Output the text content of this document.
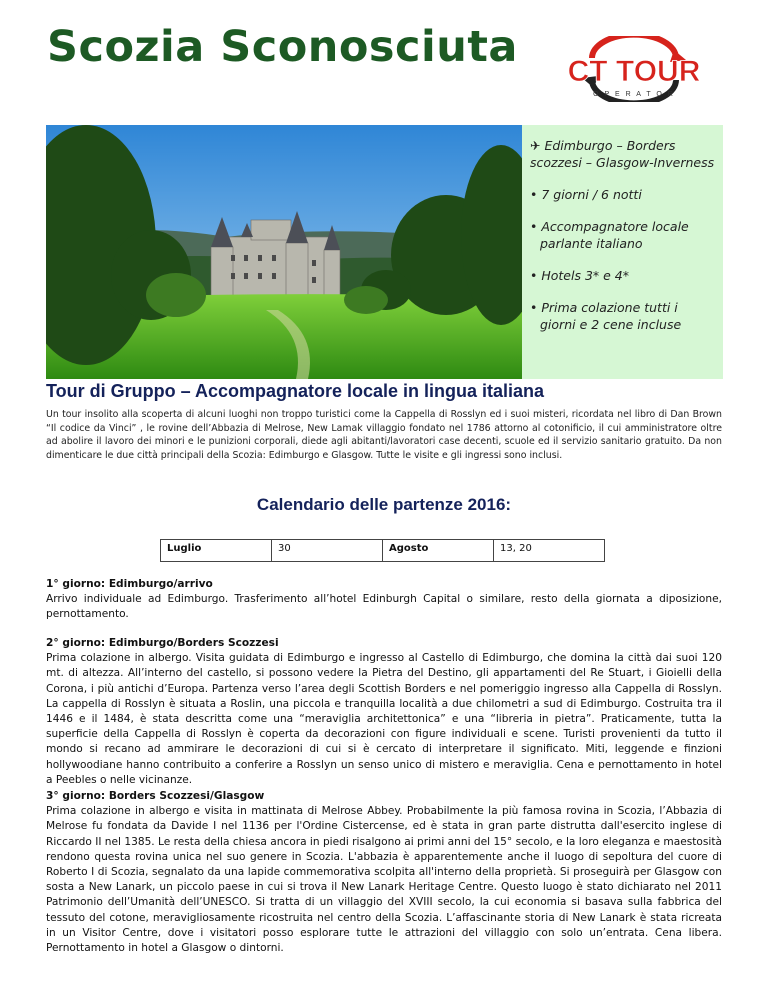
Scozia Sconosciuta CT TOUR
O P E R A T O R
✈ Edimburgo – Borders scozzesi – Glasgow-Inverness
• 7 giorni / 6 notti
• Accompagnatore locale parlante italiano
• Hotels 3* e 4*
• Prima colazione tutti i giorni e 2 cene incluse
Tour di Gruppo – Accompagnatore locale in lingua italiana

Un tour insolito alla scoperta di alcuni luoghi non troppo turistici come la Cappella di Rosslyn ed i suoi misteri, ricordata nel libro di Dan Brown “Il codice da Vinci” , le rovine dell’Abbazia di Melrose, New Lamak villaggio fondato nel 1786 attorno al cotonificio, il cui amministratore oltre ad abolire il lavoro dei minori e le punizioni corporali, diede agli abitanti/lavoratori case decenti, scuole ed il servizio sanitario gratuito. Da non dimenticare le due città principali della Scozia: Edimburgo e Glasgow. Tutte le visite e gli ingressi sono inclusi.

Calendario delle partenze 2016:
Luglio	30	Agosto	13, 20

1° giorno: Edimburgo/arrivo

Arrivo individuale ad Edimburgo. Trasferimento all’hotel Edinburgh Capital o similare, resto della giornata a diposizione, pernottamento.

2° giorno: Edimburgo/Borders Scozzesi

Prima colazione in albergo. Visita guidata di Edimburgo e ingresso al Castello di Edimburgo, che domina la città dai suoi 120 mt. di altezza. All’interno del castello, si possono vedere la Pietra del Destino, gli appartamenti del Re Stuart, i Gioielli della Corona, i più antichi d’Europa. Partenza verso l’area degli Scottish Borders e nel pomeriggio ingresso alla Cappella di Rosslyn. La cappella di Rosslyn è situata a Roslin, una piccola e tranquilla località a due chilometri a sud di Edimburgo. Costruita tra il 1446 e il 1484, è stata descritta come una “meraviglia architettonica” e una “libreria in pietra”. Praticamente, tutta la superficie della Cappella di Rosslyn è coperta da decorazioni con figure individuali e scene. Turisti provenienti da tutto il mondo si recano ad ammirare le decorazioni di cui si è cercato di interpretare il significato. Miti, leggende e finzioni hollywoodiane hanno contribuito a conferire a Rosslyn un senso unico di mistero e meraviglia. Cena e pernottamento in hotel a Peebles o nelle vicinanze.

3° giorno: Borders Scozzesi/Glasgow

Prima colazione in albergo e visita in mattinata di Melrose Abbey. Probabilmente la più famosa rovina in Scozia, l’Abbazia di Melrose fu fondata da Davide I nel 1136 per l'Ordine Cistercense, ed è stata in gran parte distrutta dall'esercito inglese di Riccardo II nel 1385. Le resta della chiesa ancora in piedi risalgono ai primi anni del 15° secolo, e la loro eleganza e maestosità rendono questa rovina unica nel suo genere in Scozia. L'abbazia è apparentemente anche il luogo di sepoltura del cuore di Roberto I di Scozia, segnalato da una lapide commemorativa scolpita all'interno della proprietà. Si proseguirà per Glasgow con sosta a New Lanark, un piccolo paese in cui si trova il New Lanark Heritage Centre. Questo luogo è stato dichiarato nel 2011 Patrimonio dell’Umanità dell’UNESCO. Si tratta di un villaggio del XVIII secolo, la cui economia si basava sulla fabbrica del tessuto del cotone, meravigliosamente ricostruita nel centro della Scozia. L’affascinante storia di New Lanark è stata ricreata in un Visitor Centre, dove i visitatori posso esplorare tutte le attrazioni del villaggio con solo un’entrata. Cena libera. Pernottamento in hotel a Glasgow o dintorni.
